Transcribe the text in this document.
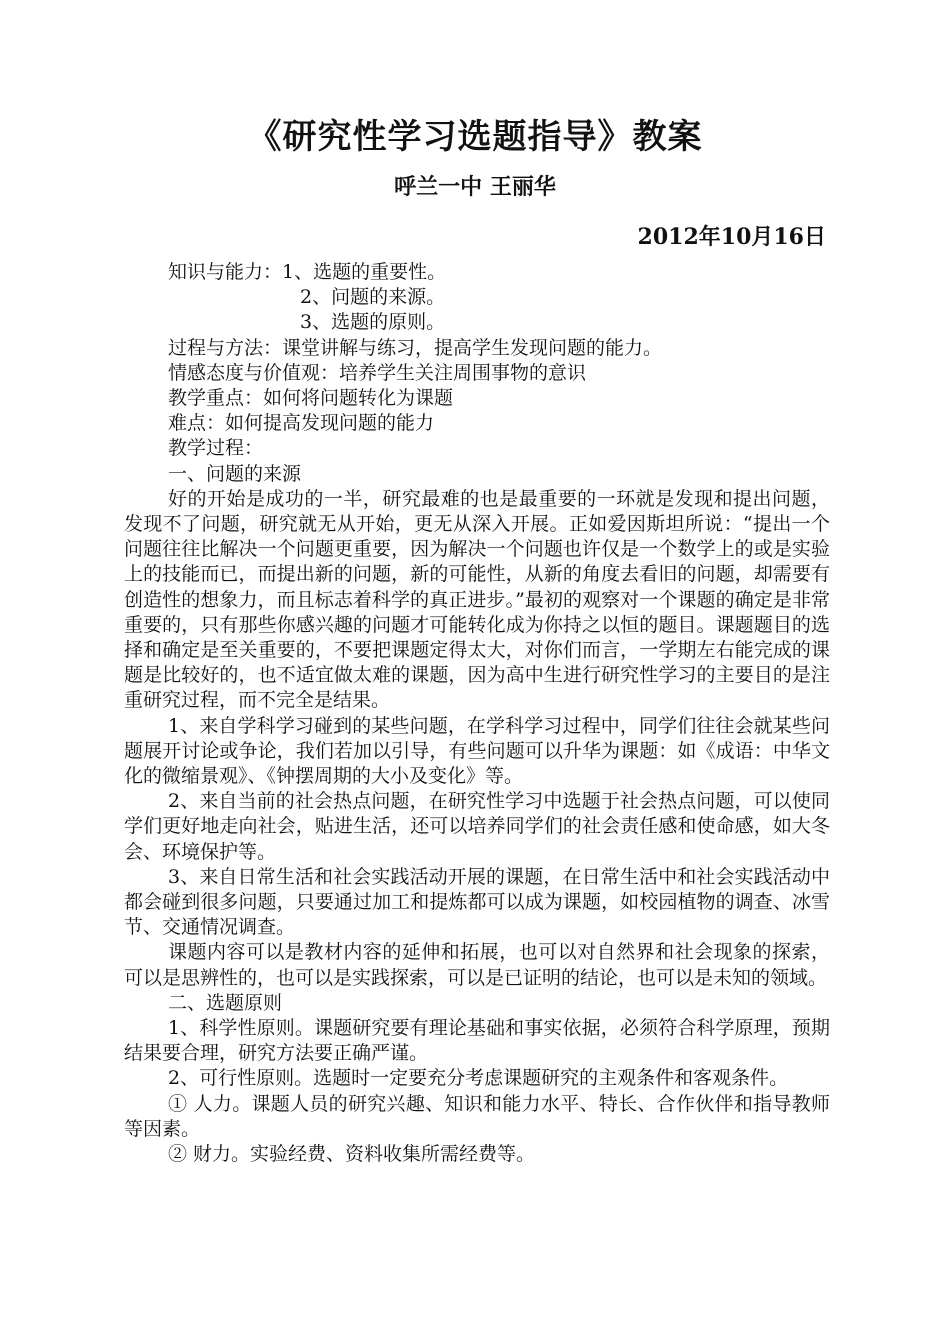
《研究性学习选题指导》教案
呼兰一中 王丽华
2012年10月16日

知识与能力：1、选题的重要性。

2、问题的来源。

3、选题的原则。

过程与方法：课堂讲解与练习，提高学生发现问题的能力。

情感态度与价值观：培养学生关注周围事物的意识

教学重点：如何将问题转化为课题

难点：如何提高发现问题的能力

教学过程：

一、问题的来源

好的开始是成功的一半，研究最难的也是最重要的一环就是发现和提出问题，发现不了问题，研究就无从开始，更无从深入开展。正如爱因斯坦所说：“提出一个问题往往比解决一个问题更重要，因为解决一个问题也许仅是一个数学上的或是实验上的技能而已，而提出新的问题，新的可能性，从新的角度去看旧的问题，却需要有创造性的想象力，而且标志着科学的真正进步。”最初的观察对一个课题的确定是非常重要的，只有那些你感兴趣的问题才可能转化成为你持之以恒的题目。课题题目的选择和确定是至关重要的，不要把课题定得太大，对你们而言，一学期左右能完成的课题是比较好的，也不适宜做太难的课题，因为高中生进行研究性学习的主要目的是注重研究过程，而不完全是结果。

1、来自学科学习碰到的某些问题，在学科学习过程中，同学们往往会就某些问题展开讨论或争论，我们若加以引导，有些问题可以升华为课题：如《成语：中华文化的微缩景观》、《钟摆周期的大小及变化》等。

2、来自当前的社会热点问题，在研究性学习中选题于社会热点问题，可以使同学们更好地走向社会，贴进生活，还可以培养同学们的社会责任感和使命感，如大冬会、环境保护等。

3、来自日常生活和社会实践活动开展的课题，在日常生活中和社会实践活动中都会碰到很多问题，只要通过加工和提炼都可以成为课题，如校园植物的调查、冰雪节、交通情况调查。

课题内容可以是教材内容的延伸和拓展，也可以对自然界和社会现象的探索，可以是思辨性的，也可以是实践探索，可以是已证明的结论，也可以是未知的领域。

二、选题原则

1、科学性原则。课题研究要有理论基础和事实依据，必须符合科学原理，预期结果要合理，研究方法要正确严谨。

2、可行性原则。选题时一定要充分考虑课题研究的主观条件和客观条件。

① 人力。课题人员的研究兴趣、知识和能力水平、特长、合作伙伴和指导教师等因素。

② 财力。实验经费、资料收集所需经费等。
